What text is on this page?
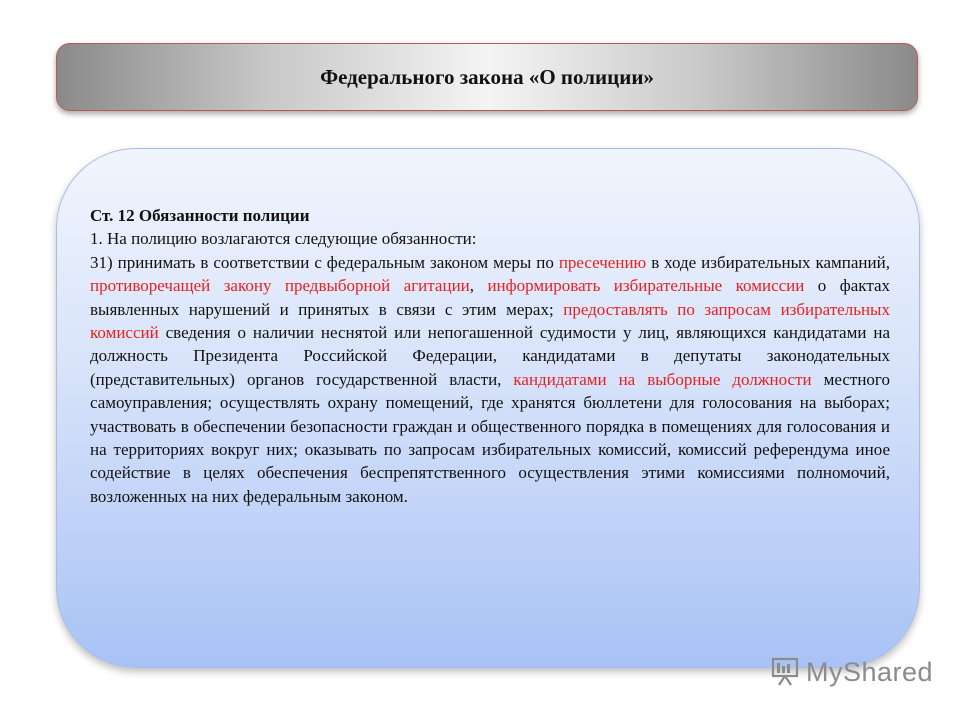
Федерального закона «О полиции»

Ст. 12 Обязанности полиции

1. На полицию возлагаются следующие обязанности:

31) принимать в соответствии с федеральным законом меры по пресечению в ходе избирательных кампаний, противоречащей закону предвыборной агитации, информировать избирательные комиссии о фактах выявленных нарушений и принятых в связи с этим мерах; предоставлять по запросам избирательных комиссий сведения о наличии неснятой или непогашенной судимости у лиц, являющихся кандидатами на должность Президента Российской Федерации, кандидатами в депутаты законодательных (представительных) органов государственной власти, кандидатами на выборные должности местного самоуправления; осуществлять охрану помещений, где хранятся бюллетени для голосования на выборах; участвовать в обеспечении безопасности граждан и общественного порядка в помещениях для голосования и на территориях вокруг них; оказывать по запросам избирательных комиссий, комиссий референдума иное содействие в целях обеспечения беспрепятственного осуществления этими комиссиями полномочий, возложенных на них федеральным законом.

MyShared
